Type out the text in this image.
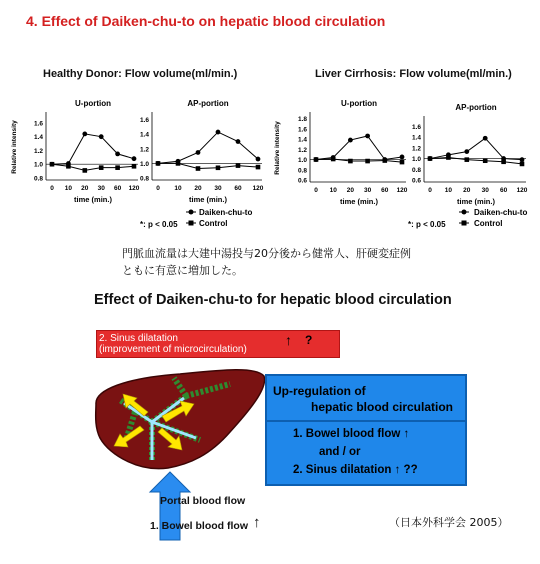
4. Effect of Daiken-chu-to on hepatic blood circulation
Healthy Donor: Flow volume(ml/min.)	Liver Cirrhosis: Flow volume(ml/min.)
U-portion
0.8
1.0
1.2
1.4
1.6
0 10 20 30 60 120
time (min.)
Relative intensity
AP-portion
0.8
1.0
1.2
1.4
1.6
0 10 20 30 60 120
time (min.)
U-portion
0.6
0.8
1.0
1.2
1.4
1.6
1.8
0 10 20 30 60 120
time (min.)
Relative intensity
AP-portion
0.6
0.8
1.0
1.2
1.4
1.6
0 10 20 30 60 120
time (min.)
*: p < 0.05
Daiken-chu-to
Control	*: p < 0.05
Daiken-chu-to
Control
門脈血流量は大建中湯投与20分後から健常人、肝硬変症例
ともに有意に増加した。
Effect of Daiken-chu-to for hepatic blood circulation
2. Sinus dilatation
(improvement of microcirculation)
↑ ?
Portal blood flow
1. Bowel blood flow ↑
Up-regulation of
hepatic blood circulation
1. Bowel blood flow ↑
and / or
2. Sinus dilatation ↑ ??
（日本外科学会 2005）
